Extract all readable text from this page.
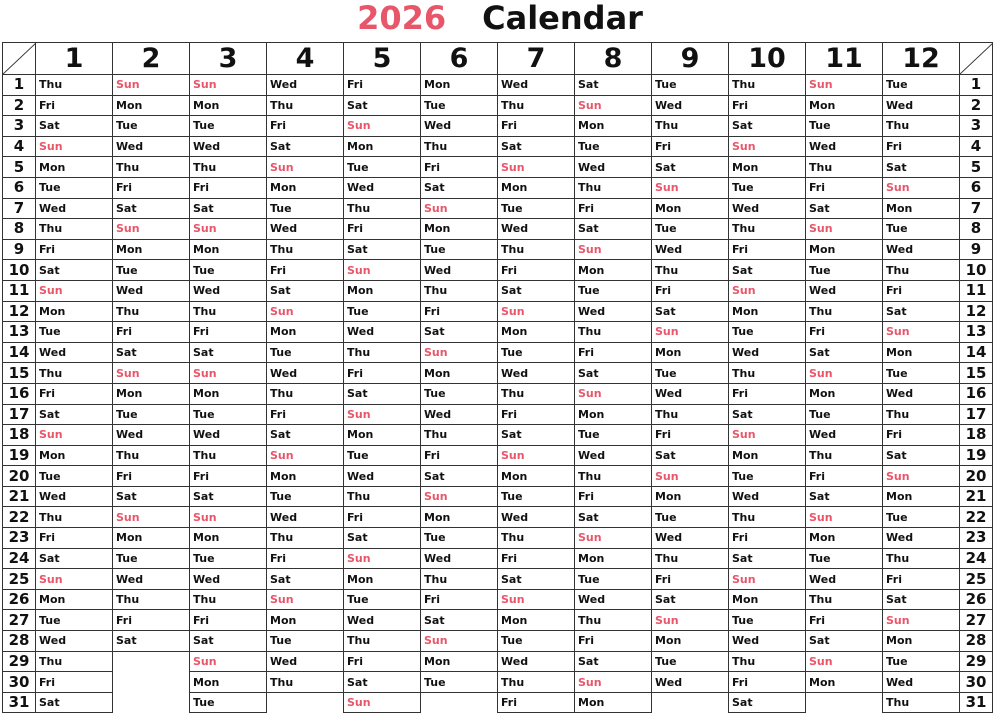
2026 Calendar
	1	2	3	4	5	6	7	8	9	10	11	12	

1	Thu	Sun	Sun	Wed	Fri	Mon	Wed	Sat	Tue	Thu	Sun	Tue	1
2	Fri	Mon	Mon	Thu	Sat	Tue	Thu	Sun	Wed	Fri	Mon	Wed	2
3	Sat	Tue	Tue	Fri	Sun	Wed	Fri	Mon	Thu	Sat	Tue	Thu	3
4	Sun	Wed	Wed	Sat	Mon	Thu	Sat	Tue	Fri	Sun	Wed	Fri	4
5	Mon	Thu	Thu	Sun	Tue	Fri	Sun	Wed	Sat	Mon	Thu	Sat	5
6	Tue	Fri	Fri	Mon	Wed	Sat	Mon	Thu	Sun	Tue	Fri	Sun	6
7	Wed	Sat	Sat	Tue	Thu	Sun	Tue	Fri	Mon	Wed	Sat	Mon	7
8	Thu	Sun	Sun	Wed	Fri	Mon	Wed	Sat	Tue	Thu	Sun	Tue	8
9	Fri	Mon	Mon	Thu	Sat	Tue	Thu	Sun	Wed	Fri	Mon	Wed	9
10	Sat	Tue	Tue	Fri	Sun	Wed	Fri	Mon	Thu	Sat	Tue	Thu	10
11	Sun	Wed	Wed	Sat	Mon	Thu	Sat	Tue	Fri	Sun	Wed	Fri	11
12	Mon	Thu	Thu	Sun	Tue	Fri	Sun	Wed	Sat	Mon	Thu	Sat	12
13	Tue	Fri	Fri	Mon	Wed	Sat	Mon	Thu	Sun	Tue	Fri	Sun	13
14	Wed	Sat	Sat	Tue	Thu	Sun	Tue	Fri	Mon	Wed	Sat	Mon	14
15	Thu	Sun	Sun	Wed	Fri	Mon	Wed	Sat	Tue	Thu	Sun	Tue	15
16	Fri	Mon	Mon	Thu	Sat	Tue	Thu	Sun	Wed	Fri	Mon	Wed	16
17	Sat	Tue	Tue	Fri	Sun	Wed	Fri	Mon	Thu	Sat	Tue	Thu	17
18	Sun	Wed	Wed	Sat	Mon	Thu	Sat	Tue	Fri	Sun	Wed	Fri	18
19	Mon	Thu	Thu	Sun	Tue	Fri	Sun	Wed	Sat	Mon	Thu	Sat	19
20	Tue	Fri	Fri	Mon	Wed	Sat	Mon	Thu	Sun	Tue	Fri	Sun	20
21	Wed	Sat	Sat	Tue	Thu	Sun	Tue	Fri	Mon	Wed	Sat	Mon	21
22	Thu	Sun	Sun	Wed	Fri	Mon	Wed	Sat	Tue	Thu	Sun	Tue	22
23	Fri	Mon	Mon	Thu	Sat	Tue	Thu	Sun	Wed	Fri	Mon	Wed	23
24	Sat	Tue	Tue	Fri	Sun	Wed	Fri	Mon	Thu	Sat	Tue	Thu	24
25	Sun	Wed	Wed	Sat	Mon	Thu	Sat	Tue	Fri	Sun	Wed	Fri	25
26	Mon	Thu	Thu	Sun	Tue	Fri	Sun	Wed	Sat	Mon	Thu	Sat	26
27	Tue	Fri	Fri	Mon	Wed	Sat	Mon	Thu	Sun	Tue	Fri	Sun	27
28	Wed	Sat	Sat	Tue	Thu	Sun	Tue	Fri	Mon	Wed	Sat	Mon	28
29	Thu		Sun	Wed	Fri	Mon	Wed	Sat	Tue	Thu	Sun	Tue	29
30	Fri		Mon	Thu	Sat	Tue	Thu	Sun	Wed	Fri	Mon	Wed	30
31	Sat		Tue		Sun		Fri	Mon		Sat		Thu	31
